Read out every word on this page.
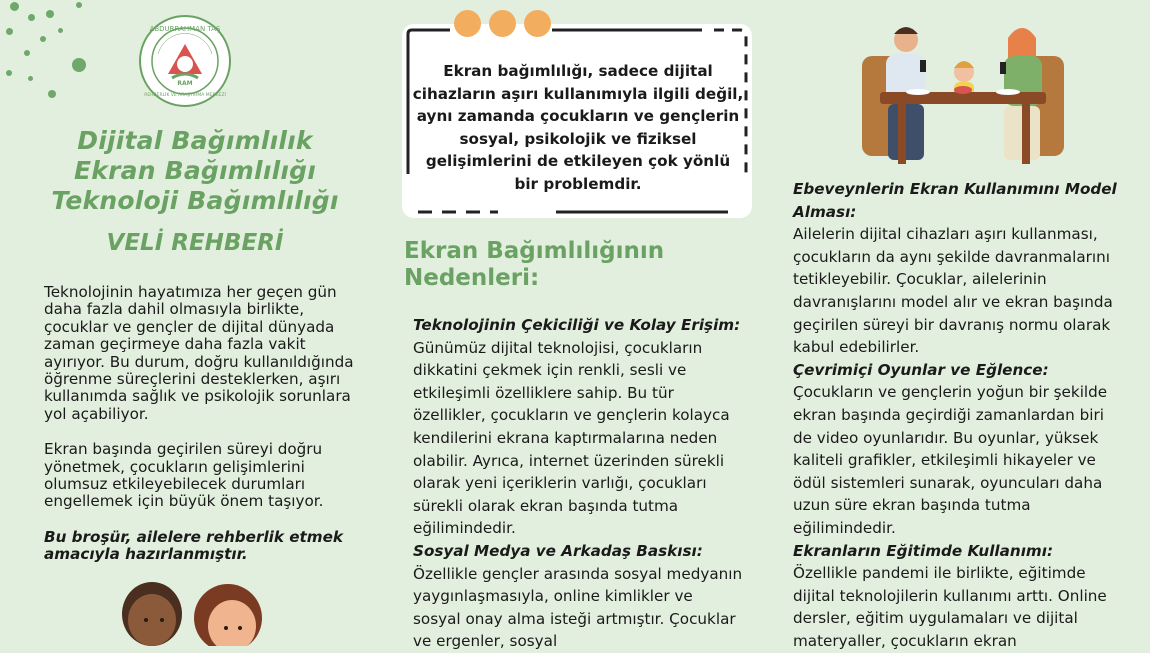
ABDURRAHMAN TAŞ
REHBERLİK VE ARAŞTIRMA MERKEZİ
RAM
Dijital Bağımlılık
Ekran Bağımlılığı
Teknoloji Bağımlılığı
VELİ REHBERİ

Teknolojinin hayatımıza her geçen gün daha fazla dahil olmasıyla birlikte, çocuklar ve gençler de dijital dünyada zaman geçirmeye daha fazla vakit ayırıyor. Bu durum, doğru kullanıldığında öğrenme süreçlerini desteklerken, aşırı kullanımda sağlık ve psikolojik sorunlara yol açabiliyor.

Ekran başında geçirilen süreyi doğru yönetmek, çocukların gelişimlerini olumsuz etkileyebilecek durumları engellemek için büyük önem taşıyor.

Bu broşür, ailelere rehberlik etmek amacıyla hazırlanmıştır.

Ekran bağımlılığı, sadece dijital cihazların aşırı kullanımıyla ilgili değil, aynı zamanda çocukların ve gençlerin sosyal, psikolojik ve fiziksel gelişimlerini de etkileyen çok yönlü bir problemdir.
Ekran Bağımlılığının Nedenleri:
Teknolojinin Çekiciliği ve Kolay Erişim:
Günümüz dijital teknolojisi, çocukların dikkatini çekmek için renkli, sesli ve etkileşimli özelliklere sahip. Bu tür özellikler, çocukların ve gençlerin kolayca kendilerini ekrana kaptırmalarına neden olabilir. Ayrıca, internet üzerinden sürekli olarak yeni içeriklerin varlığı, çocukları sürekli olarak ekran başında tutma eğilimindedir.
Sosyal Medya ve Arkadaş Baskısı:
Özellikle gençler arasında sosyal medyanın yaygınlaşmasıyla, online kimlikler ve sosyal onay alma isteği artmıştır. Çocuklar ve ergenler, sosyal
Ebeveynlerin Ekran Kullanımını Model Alması:
Ailelerin dijital cihazları aşırı kullanması, çocukların da aynı şekilde davranmalarını tetikleyebilir. Çocuklar, ailelerinin davranışlarını model alır ve ekran başında geçirilen süreyi bir davranış normu olarak kabul edebilirler.
Çevrimiçi Oyunlar ve Eğlence:
Çocukların ve gençlerin yoğun bir şekilde ekran başında geçirdiği zamanlardan biri de video oyunlarıdır. Bu oyunlar, yüksek kaliteli grafikler, etkileşimli hikayeler ve ödül sistemleri sunarak, oyuncuları daha uzun süre ekran başında tutma eğilimindedir.
Ekranların Eğitimde Kullanımı:
Özellikle pandemi ile birlikte, eğitimde dijital teknolojilerin kullanımı arttı. Online dersler, eğitim uygulamaları ve dijital materyaller, çocukların ekran
